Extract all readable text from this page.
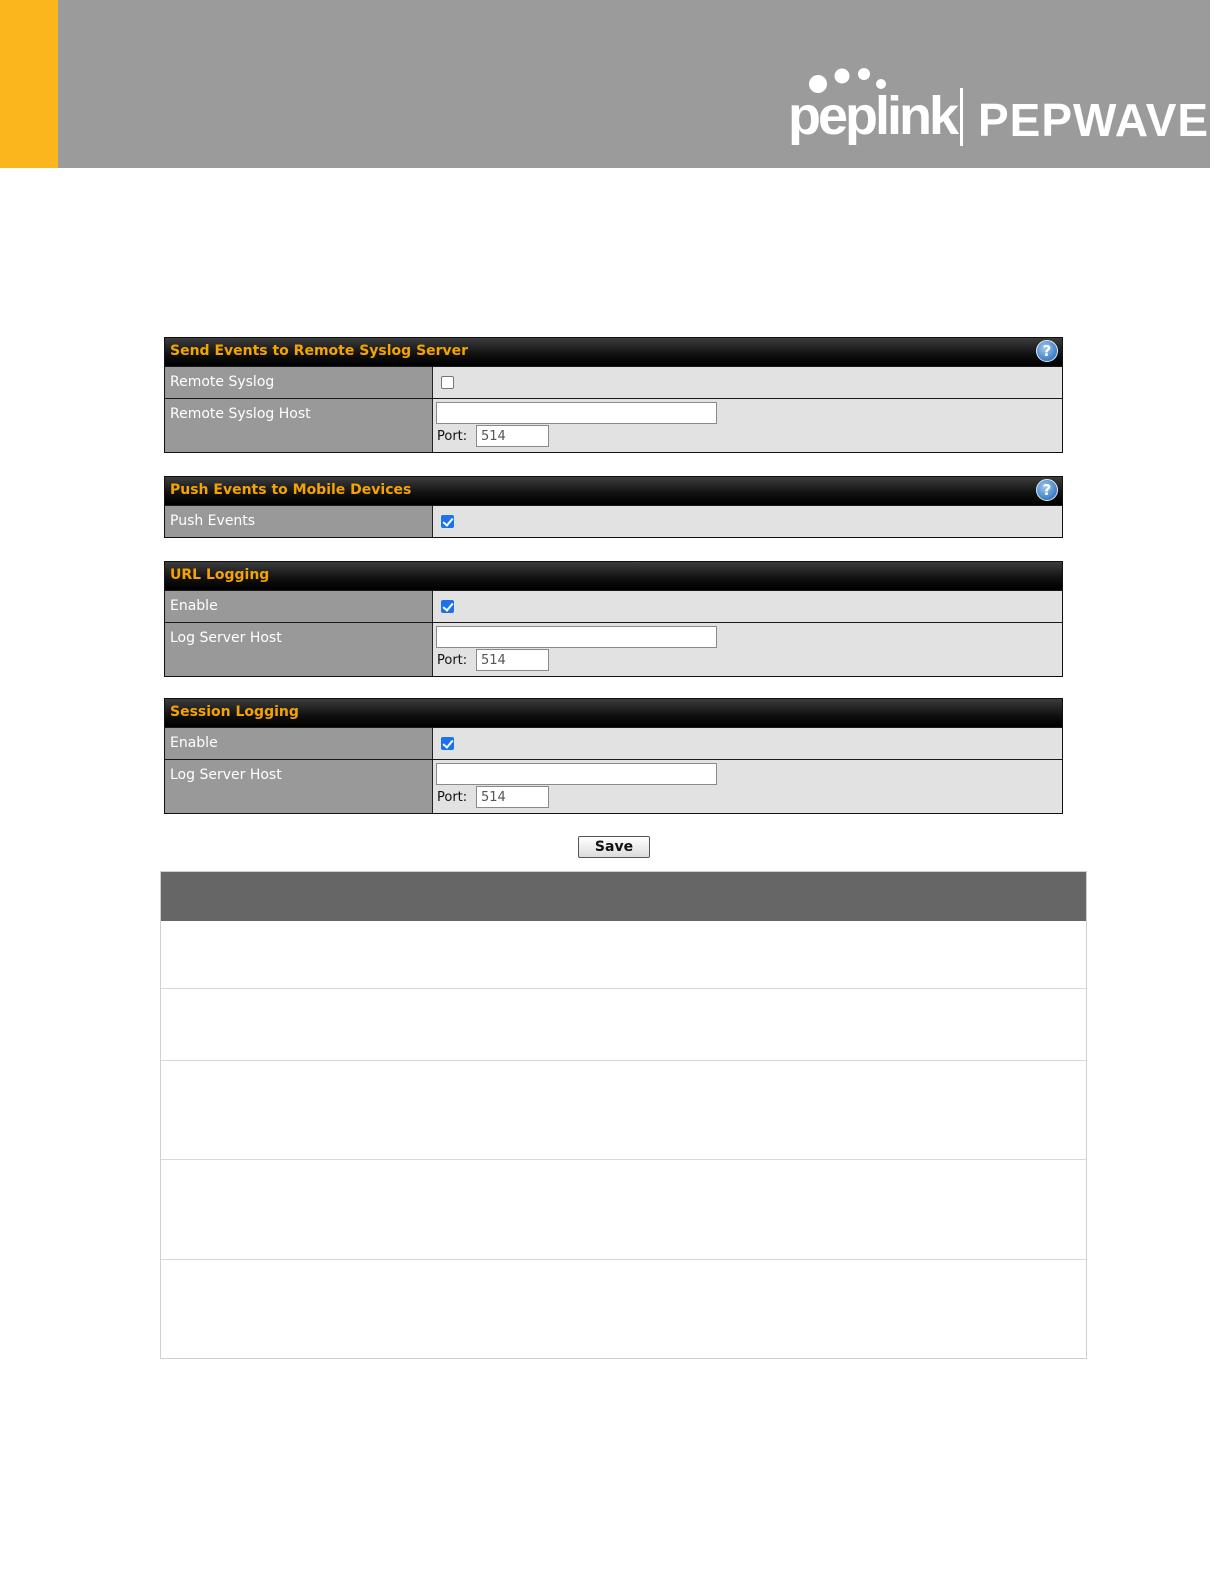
peplink PEPWAVE
Send Events to Remote Syslog Server	?
Remote Syslog
Remote Syslog Host
Port:
514
Push Events to Mobile Devices	?
Push Events
URL Logging
Enable
Log Server Host
Port:
514
Session Logging
Enable
Log Server Host
Port:
514
Save
